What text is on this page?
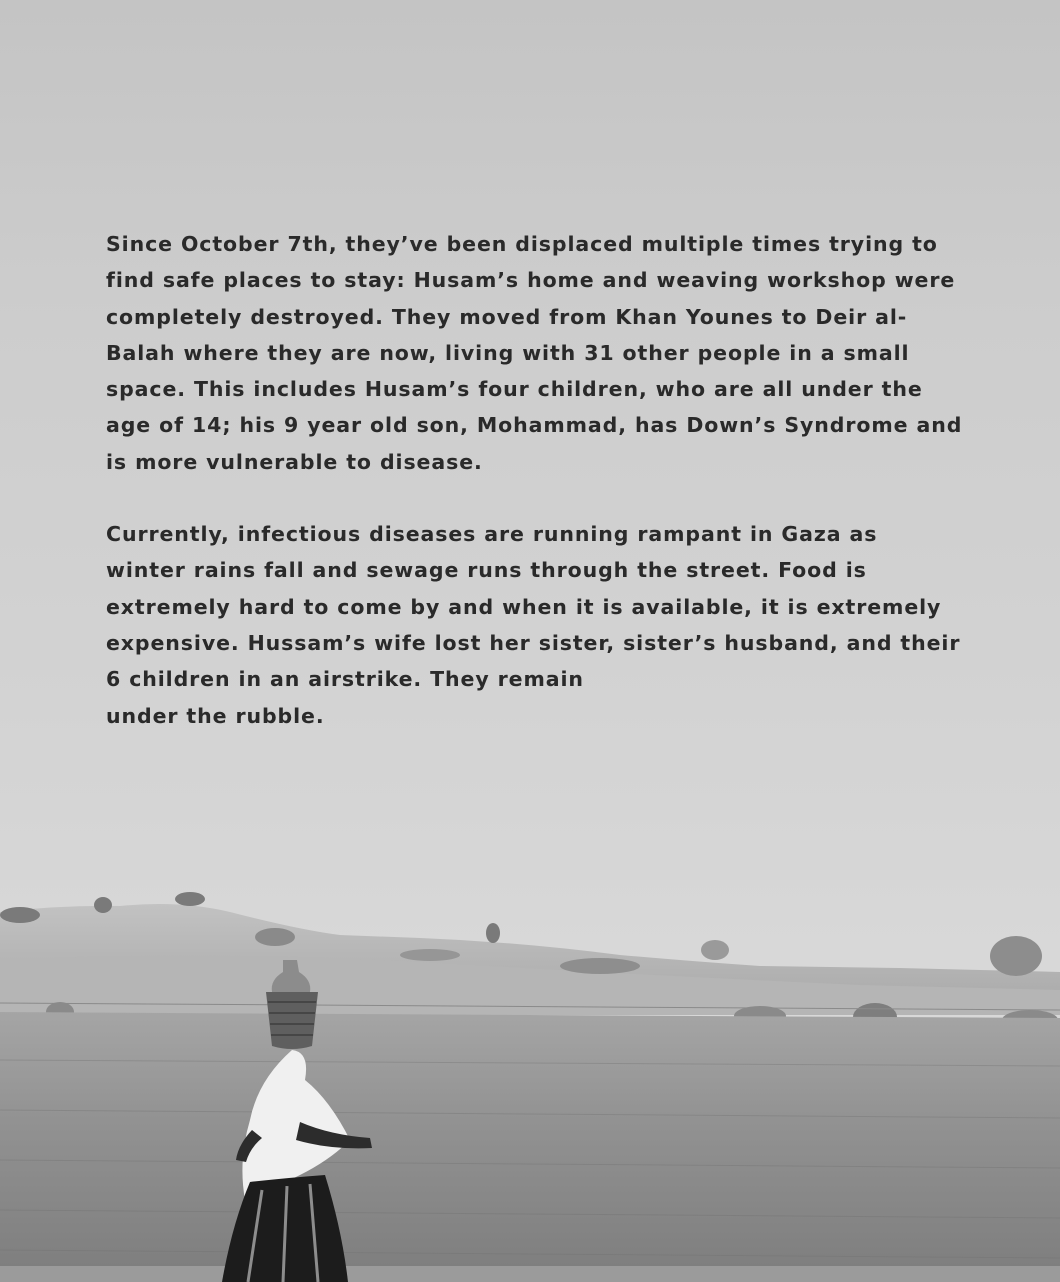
Since October 7th, they’ve been displaced multiple times trying to
find safe places to stay: Husam’s home and weaving workshop were
completely destroyed. They moved from Khan Younes to Deir al-
Balah where they are now, living with 31 other people in a small
space. This includes Husam’s four children, who are all under the
age of 14; his 9 year old son, Mohammad, has Down’s Syndrome and
is more vulnerable to disease.

Currently, infectious diseases are running rampant in Gaza as
winter rains fall and sewage runs through the street. Food is
extremely hard to come by and when it is available, it is extremely
expensive. Hussam’s wife lost her sister, sister’s husband, and their
6 children in an airstrike. They remain
under the rubble.
